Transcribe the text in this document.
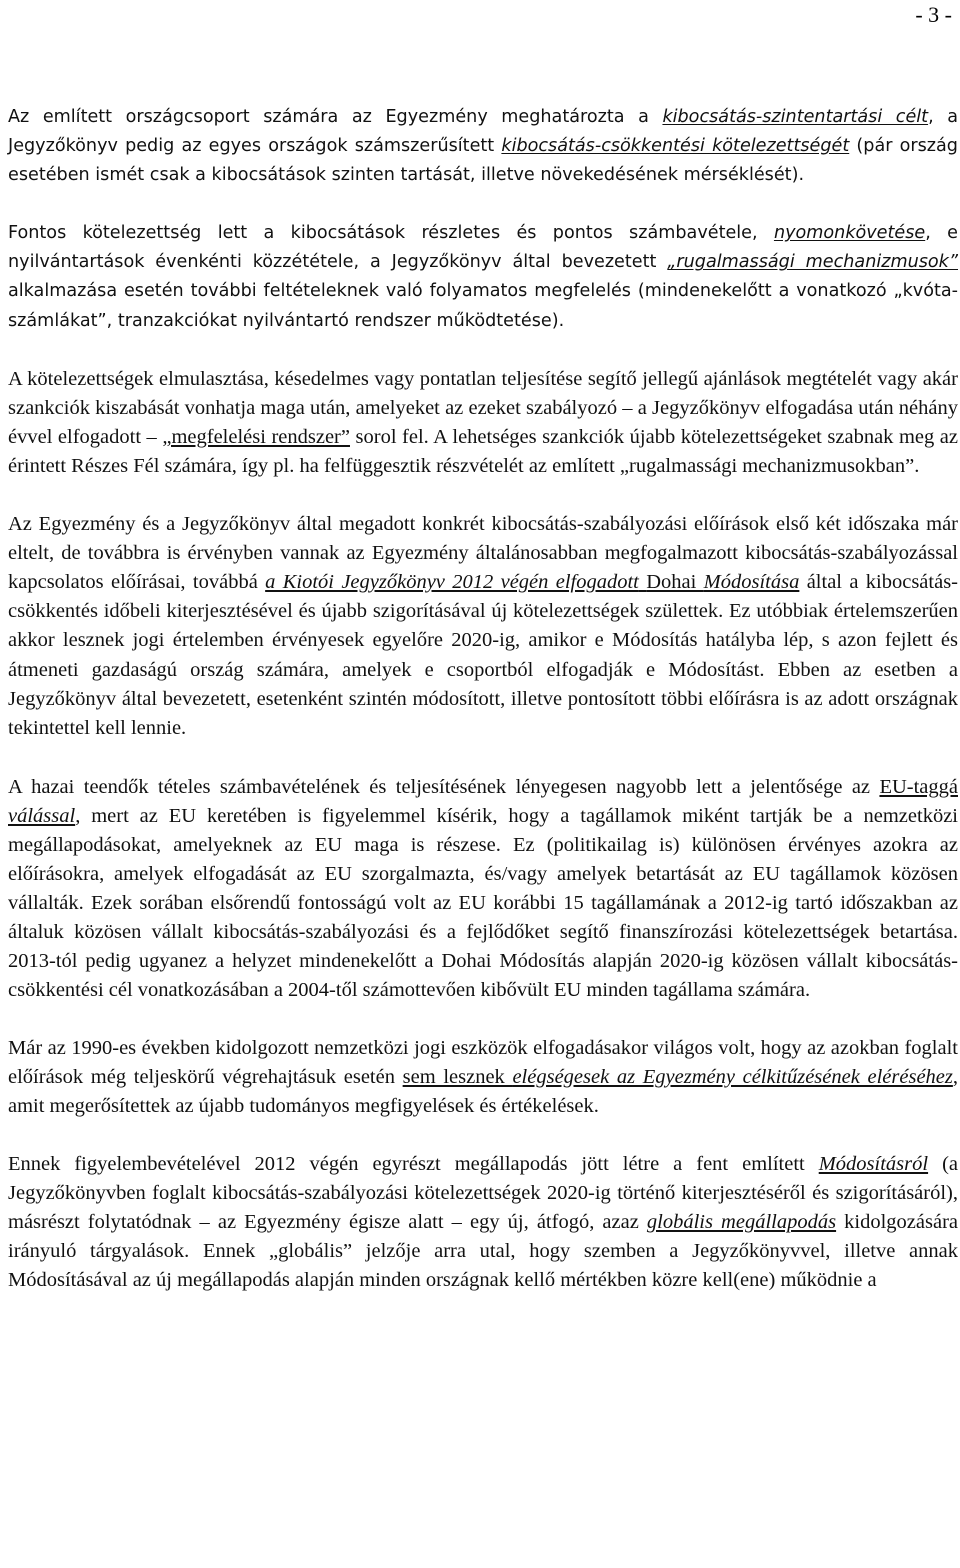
- 3 -

Az említett országcsoport számára az Egyezmény meghatározta a kibocsátás-szintentartási célt, a Jegyzőkönyv pedig az egyes országok számszerűsített kibocsátás-csökkentési kötelezettségét (pár ország esetében ismét csak a kibocsátások szinten tartását, illetve növekedésének mérséklését).

Fontos kötelezettség lett a kibocsátások részletes és pontos számbavétele, nyomonkövetése, e nyilvántartások évenkénti közzététele, a Jegyzőkönyv által bevezetett „rugalmassági mechanizmusok” alkalmazása esetén további feltételeknek való folyamatos megfelelés (mindenekelőtt a vonatkozó „kvóta-számlákat”, tranzakciókat nyilvántartó rendszer működtetése).

A kötelezettségek elmulasztása, késedelmes vagy pontatlan teljesítése segítő jellegű ajánlások megtételét vagy akár szankciók kiszabását vonhatja maga után, amelyeket az ezeket szabályozó – a Jegyzőkönyv elfogadása után néhány évvel elfogadott – „megfelelési rendszer” sorol fel. A lehetséges szankciók újabb kötelezettségeket szabnak meg az érintett Részes Fél számára, így pl. ha felfüggesztik részvételét az említett „rugalmassági mechanizmusokban”.

Az Egyezmény és a Jegyzőkönyv által megadott konkrét kibocsátás-szabályozási előírások első két időszaka már eltelt, de továbbra is érvényben vannak az Egyezmény általánosabban megfogalmazott kibocsátás-szabályozással kapcsolatos előírásai, továbbá a Kiotói Jegyzőkönyv 2012 végén elfogadott Dohai Módosítása által a kibocsátás-csökkentés időbeli kiterjesztésével és újabb szigorításával új kötelezettségek születtek. Ez utóbbiak értelemszerűen akkor lesznek jogi értelemben érvényesek egyelőre 2020-ig, amikor e Módosítás hatályba lép, s azon fejlett és átmeneti gazdaságú ország számára, amelyek e csoportból elfogadják e Módosítást. Ebben az esetben a Jegyzőkönyv által bevezetett, esetenként szintén módosított, illetve pontosított többi előírásra is az adott országnak tekintettel kell lennie.

A hazai teendők tételes számbavételének és teljesítésének lényegesen nagyobb lett a jelentősége az EU-taggá válással, mert az EU keretében is figyelemmel kísérik, hogy a tagállamok miként tartják be a nemzetközi megállapodásokat, amelyeknek az EU maga is részese. Ez (politikailag is) különösen érvényes azokra az előírásokra, amelyek elfogadását az EU szorgalmazta, és/vagy amelyek betartását az EU tagállamok közösen vállalták. Ezek sorában elsőrendű fontosságú volt az EU korábbi 15 tagállamának a 2012-ig tartó időszakban az általuk közösen vállalt kibocsátás-szabályozási és a fejlődőket segítő finanszírozási kötelezettségek betartása. 2013-tól pedig ugyanez a helyzet mindenekelőtt a Dohai Módosítás alapján 2020-ig közösen vállalt kibocsátás-csökkentési cél vonatkozásában a 2004-től számottevően kibővült EU minden tagállama számára.

Már az 1990-es években kidolgozott nemzetközi jogi eszközök elfogadásakor világos volt, hogy az azokban foglalt előírások még teljeskörű végrehajtásuk esetén sem lesznek elégségesek az Egyezmény célkitűzésének eléréséhez, amit megerősítettek az újabb tudományos megfigyelések és értékelések.

Ennek figyelembevételével 2012 végén egyrészt megállapodás jött létre a fent említett Módosításról (a Jegyzőkönyvben foglalt kibocsátás-szabályozási kötelezettségek 2020-ig történő kiterjesztéséről és szigorításáról), másrészt folytatódnak – az Egyezmény égisze alatt – egy új, átfogó, azaz globális megállapodás kidolgozására irányuló tárgyalások. Ennek „globális” jelzője arra utal, hogy szemben a Jegyzőkönyvvel, illetve annak Módosításával az új megállapodás alapján minden országnak kellő mértékben közre kell(ene) működnie a
